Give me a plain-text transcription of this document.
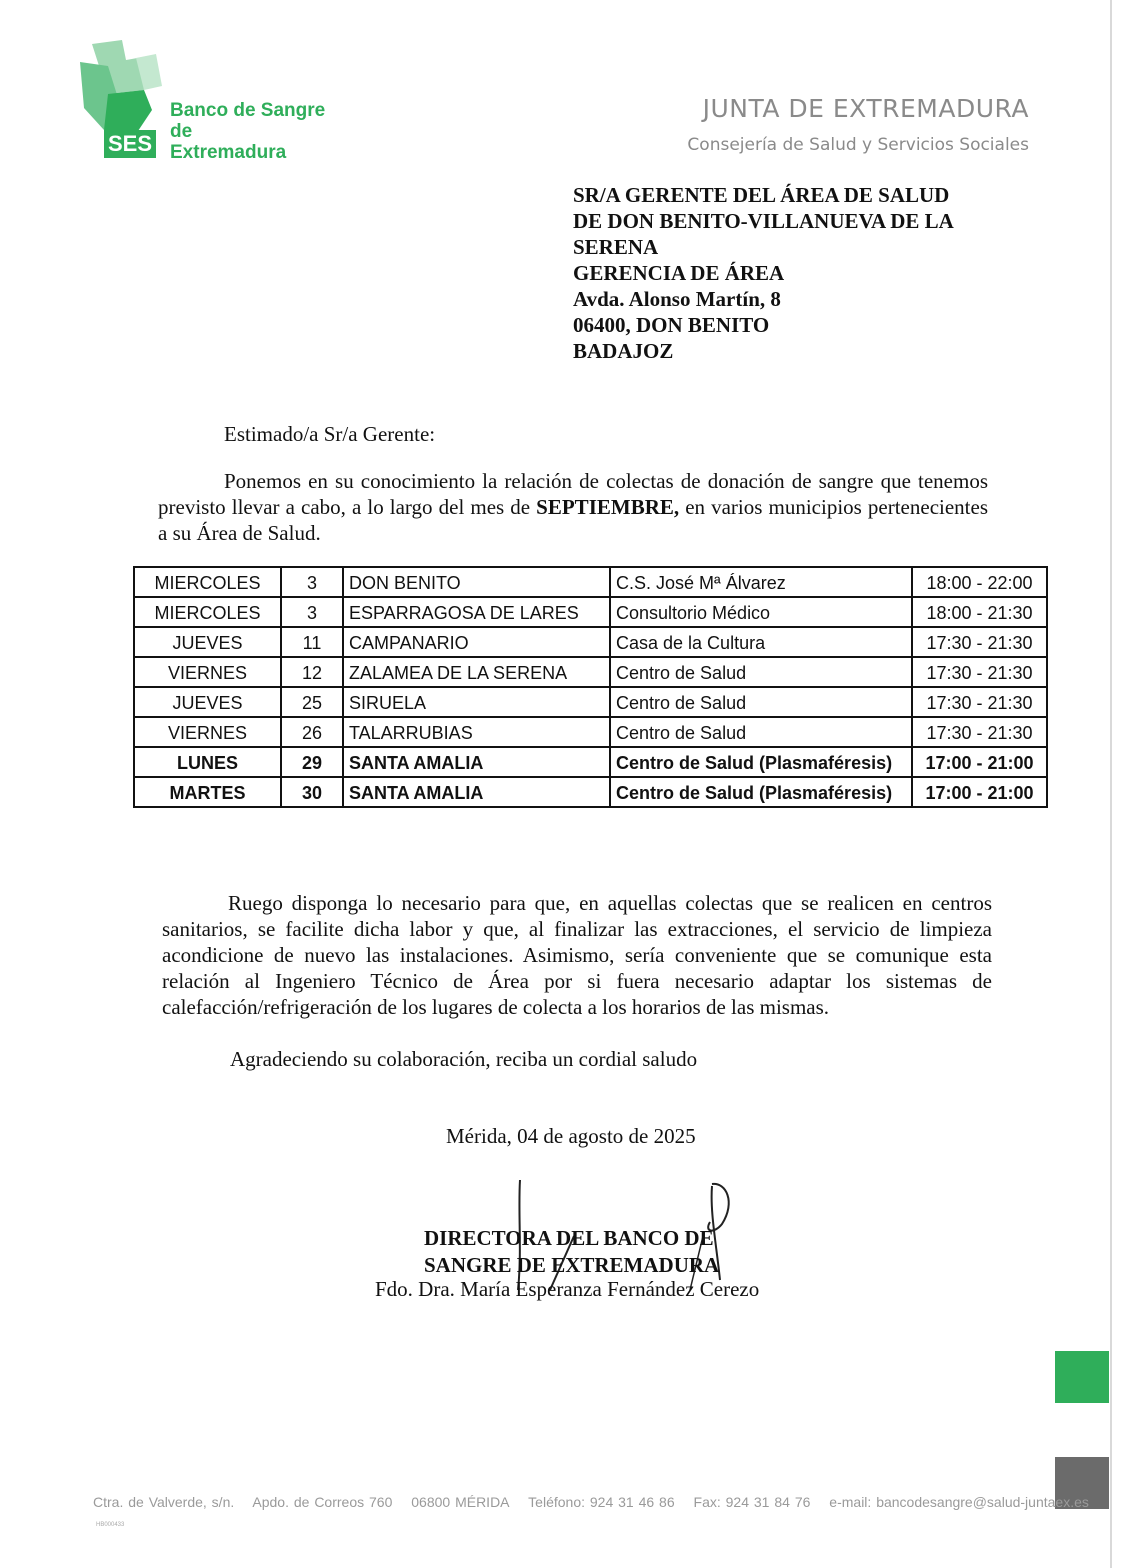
SES
Banco de Sangre
de
Extremadura
JUNTA DE EXTREMADURA
Consejería de Salud y Servicios Sociales
SR/A GERENTE DEL ÁREA DE SALUD
DE DON BENITO-VILLANUEVA DE LA
SERENA
GERENCIA DE ÁREA
Avda. Alonso Martín, 8
06400, DON BENITO
BADAJOZ
Estimado/a Sr/a Gerente:
Ponemos en su conocimiento la relación de colectas de donación de sangre que tenemos previsto llevar a cabo, a lo largo del mes de SEPTIEMBRE, en varios municipios pertenecientes a su Área de Salud.
MIERCOLES	3	DON BENITO	C.S. José Mª Álvarez	18:00 - 22:00
MIERCOLES	3	ESPARRAGOSA DE LARES	Consultorio Médico	18:00 - 21:30
JUEVES	11	CAMPANARIO	Casa de la Cultura	17:30 - 21:30
VIERNES	12	ZALAMEA DE LA SERENA	Centro de Salud	17:30 - 21:30
JUEVES	25	SIRUELA	Centro de Salud	17:30 - 21:30
VIERNES	26	TALARRUBIAS	Centro de Salud	17:30 - 21:30
LUNES	29	SANTA AMALIA	Centro de Salud (Plasmaféresis)	17:00 - 21:00
MARTES	30	SANTA AMALIA	Centro de Salud (Plasmaféresis)	17:00 - 21:00
Ruego disponga lo necesario para que, en aquellas colectas que se realicen en centros sanitarios, se facilite dicha labor y que, al finalizar las extracciones, el servicio de limpieza acondicione de nuevo las instalaciones. Asimismo, sería conveniente que se comunique esta relación al Ingeniero Técnico de Área por si fuera necesario adaptar los sistemas de calefacción/refrigeración de los lugares de colecta a los horarios de las mismas.
Agradeciendo su colaboración, reciba un cordial saludo
Mérida, 04 de agosto de 2025
DIRECTORA DEL BANCO DE
SANGRE DE EXTREMADURA
Fdo. Dra. María Esperanza Fernández Cerezo
Ctra. de Valverde, s/n. Apdo. de Correos 760 06800 MÉRIDA Teléfono: 924 31 46 86 Fax: 924 31 84 76 e-mail: bancodesangre@salud-juntaex.es
HB000433
